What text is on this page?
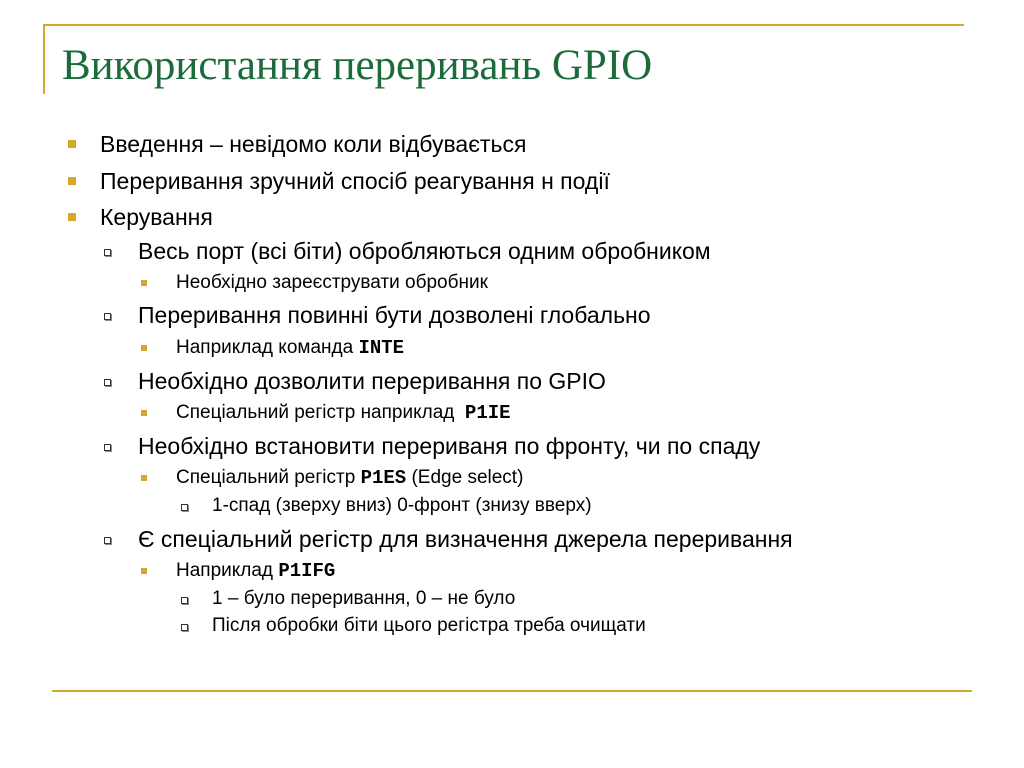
Використання переривань GPIO
Введення – невідомо коли відбувається
Переривання зручний спосіб реагування н події
Керування
Весь порт (всі біти) обробляються одним обробником
Необхідно зареєструвати обробник
Переривання повинні бути дозволені глобально
Наприклад команда INTE
Необхідно дозволити переривання по GPIO
Спеціальний регістр наприклад  P1IE
Необхідно встановити перериваня по фронту, чи по спаду
Спеціальний регістр P1ES (Edge select)
1-спад (зверху вниз) 0-фронт (знизу вверх)
Є спеціальний регістр для визначення джерела переривання
Наприклад P1IFG
1 – було переривання, 0 – не було
Після обробки біти цього регістра треба очищати
